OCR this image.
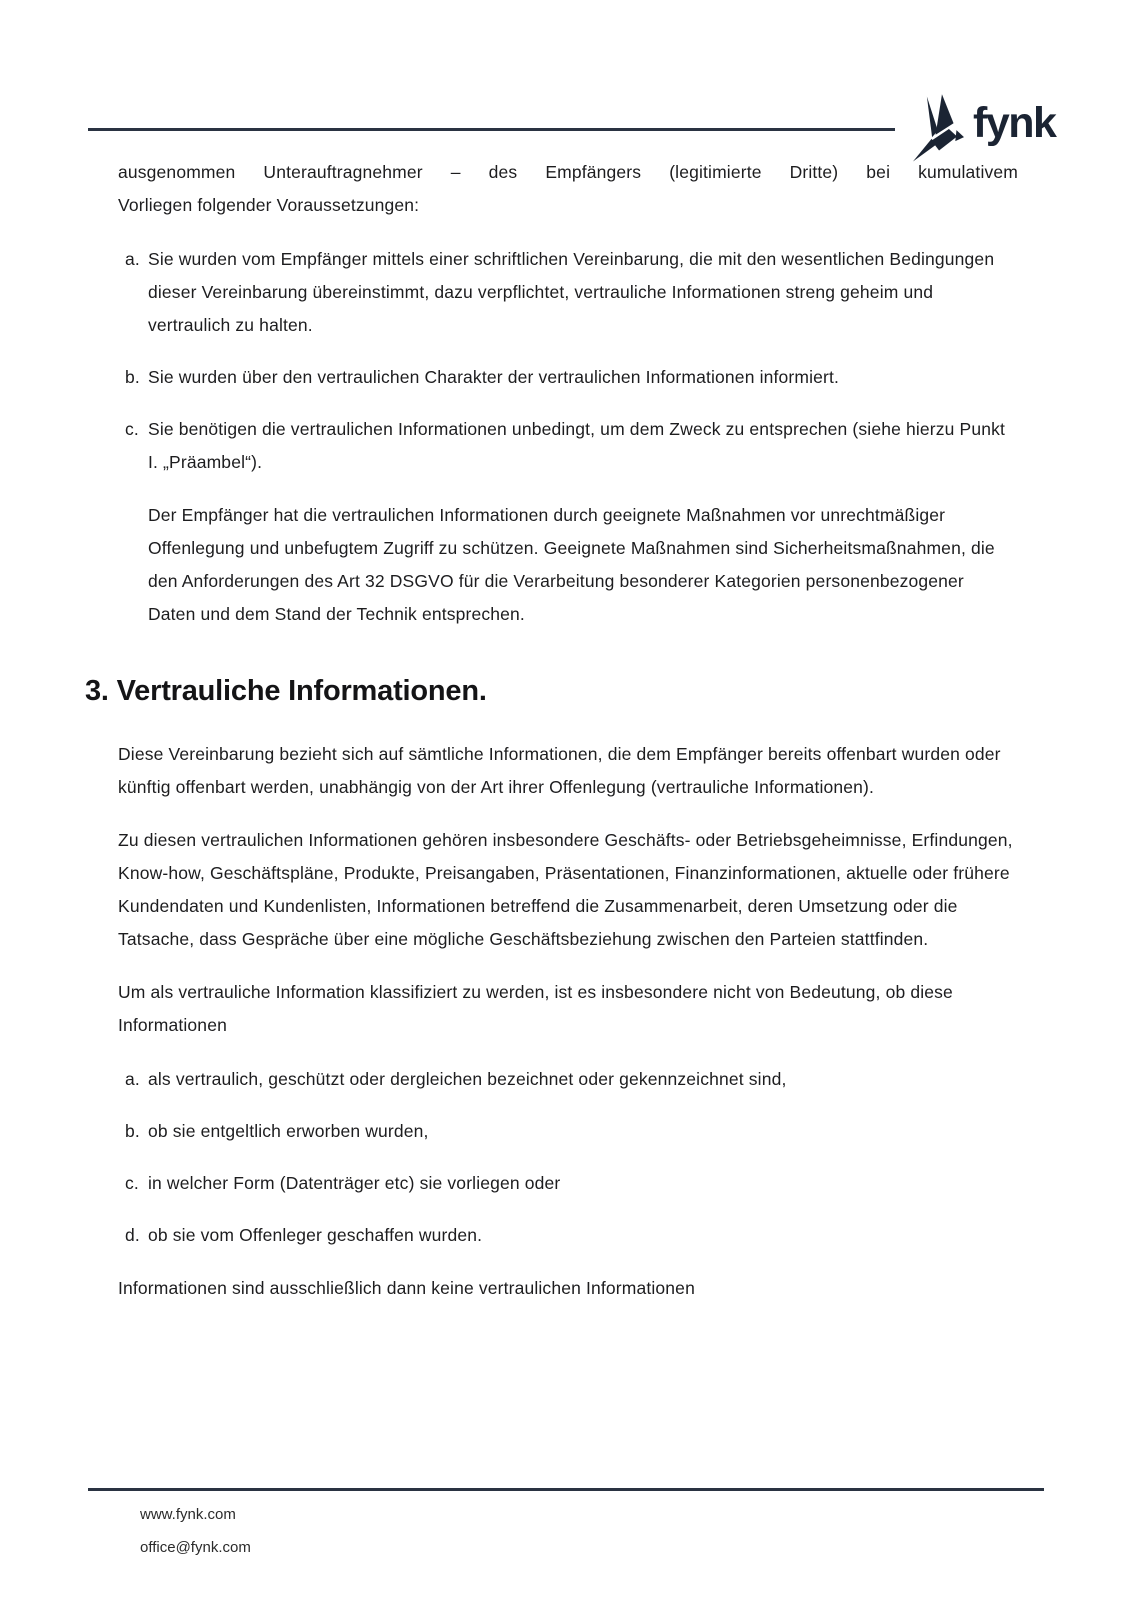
fynk

ausgenommen Unterauftragnehmer – des Empfängers (legitimierte Dritte) bei kumulativem
Vorliegen folgender Voraussetzungen:

a. Sie wurden vom Empfänger mittels einer schriftlichen Vereinbarung, die mit den wesentlichen Bedingungen dieser Vereinbarung übereinstimmt, dazu verpflichtet, vertrauliche Informationen streng geheim und vertraulich zu halten.
b. Sie wurden über den vertraulichen Charakter der vertraulichen Informationen informiert.
c. Sie benötigen die vertraulichen Informationen unbedingt, um dem Zweck zu entsprechen (siehe hierzu Punkt I. „Präambel“).

Der Empfänger hat die vertraulichen Informationen durch geeignete Maßnahmen vor unrechtmäßiger Offenlegung und unbefugtem Zugriff zu schützen. Geeignete Maßnahmen sind Sicherheitsmaßnahmen, die den Anforderungen des Art 32 DSGVO für die Verarbeitung besonderer Kategorien personenbezogener Daten und dem Stand der Technik entsprechen.

3. Vertrauliche Informationen.

Diese Vereinbarung bezieht sich auf sämtliche Informationen, die dem Empfänger bereits offenbart wurden oder künftig offenbart werden, unabhängig von der Art ihrer Offenlegung (vertrauliche Informationen).

Zu diesen vertraulichen Informationen gehören insbesondere Geschäfts- oder Betriebsgeheimnisse, Erfindungen, Know-how, Geschäftspläne, Produkte, Preisangaben, Präsentationen, Finanzinformationen, aktuelle oder frühere Kundendaten und Kundenlisten, Informationen betreffend die Zusammenarbeit, deren Umsetzung oder die Tatsache, dass Gespräche über eine mögliche Geschäftsbeziehung zwischen den Parteien stattfinden.

Um als vertrauliche Information klassifiziert zu werden, ist es insbesondere nicht von Bedeutung, ob diese Informationen

a. als vertraulich, geschützt oder dergleichen bezeichnet oder gekennzeichnet sind,
b. ob sie entgeltlich erworben wurden,
c. in welcher Form (Datenträger etc) sie vorliegen oder
d. ob sie vom Offenleger geschaffen wurden.

Informationen sind ausschließlich dann keine vertraulichen Informationen

www.fynk.com
office@fynk.com
